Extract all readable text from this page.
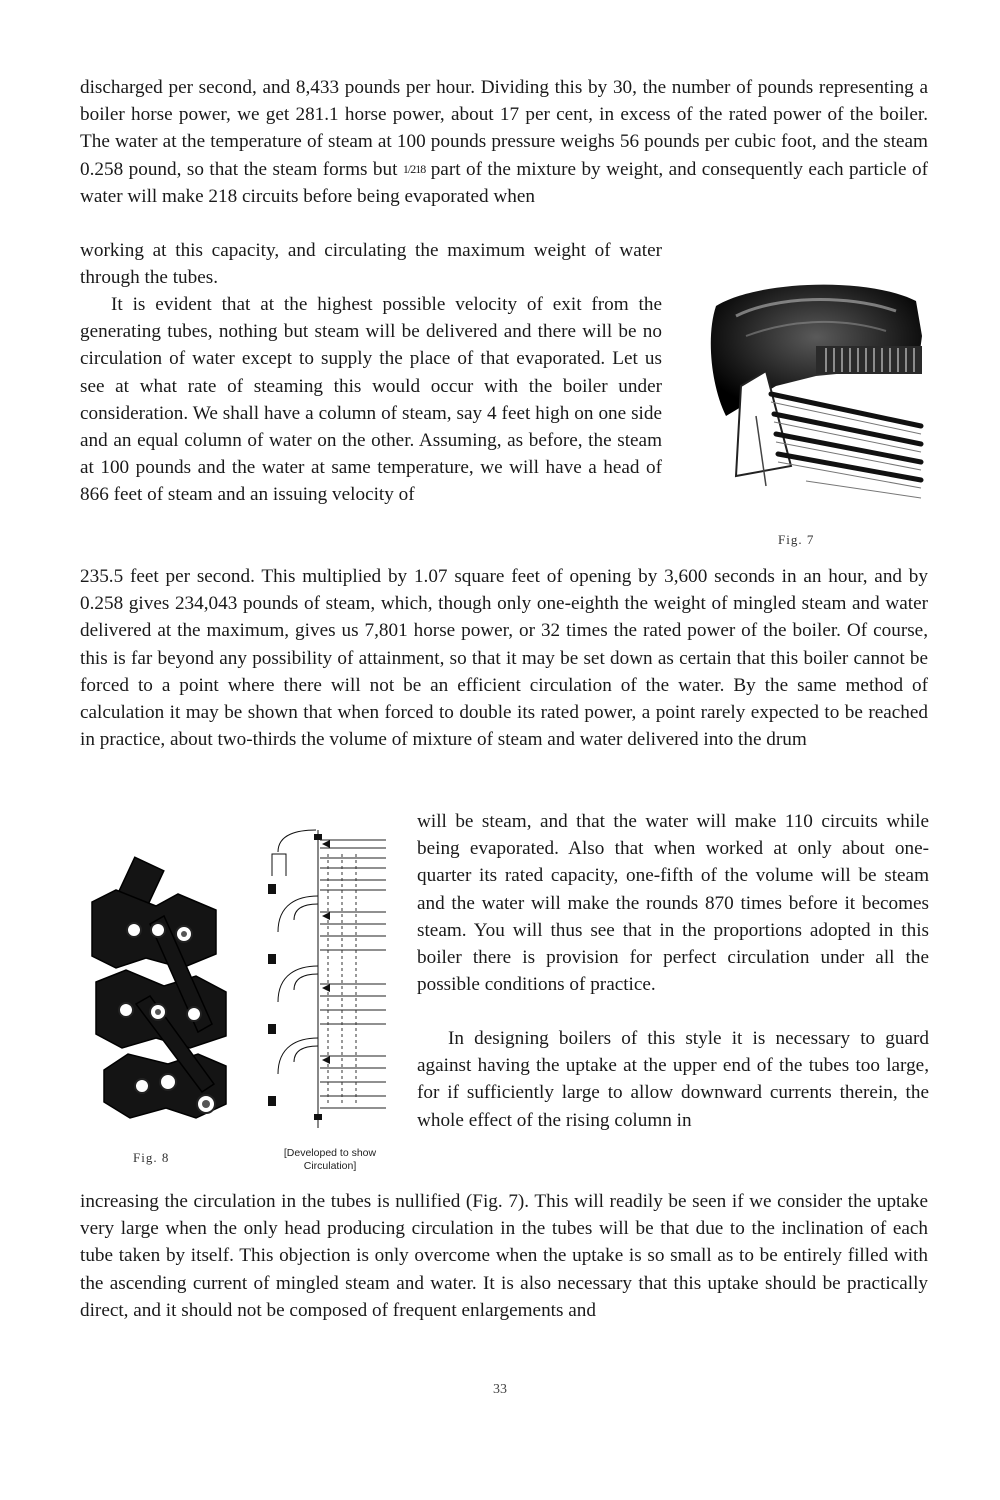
discharged per second, and 8,433 pounds per hour. Dividing this by 30, the number of pounds representing a boiler horse power, we get 281.1 horse power, about 17 per cent, in excess of the rated power of the boiler. The water at the temperature of steam at 100 pounds pressure weighs 56 pounds per cubic foot, and the steam 0.258 pound, so that the steam forms but 1/218 part of the mixture by weight, and consequently each particle of water will make 218 circuits before being evaporated when

working at this capacity, and circulating the maximum weight of water through the tubes.

It is evident that at the highest possible velocity of exit from the generating tubes, nothing but steam will be delivered and there will be no circulation of water except to supply the place of that evaporated. Let us see at what rate of steaming this would occur with the boiler under consideration. We shall have a column of steam, say 4 feet high on one side and an equal column of water on the other. Assuming, as before, the steam at 100 pounds and the water at same temperature, we will have a head of 866 feet of steam and an issuing velocity of

Fig. 7

235.5 feet per second. This multiplied by 1.07 square feet of opening by 3,600 seconds in an hour, and by 0.258 gives 234,043 pounds of steam, which, though only one-eighth the weight of mingled steam and water delivered at the maximum, gives us 7,801 horse power, or 32 times the rated power of the boiler. Of course, this is far beyond any possibility of attainment, so that it may be set down as certain that this boiler cannot be forced to a point where there will not be an efficient circulation of the water. By the same method of calculation it may be shown that when forced to double its rated power, a point rarely expected to be reached in practice, about two-thirds the volume of mixture of steam and water delivered into the drum

Fig. 8	[Developed to show
Circulation]

will be steam, and that the water will make 110 circuits while being evaporated. Also that when worked at only about one-quarter its rated capacity, one-fifth of the volume will be steam and the water will make the rounds 870 times before it becomes steam. You will thus see that in the proportions adopted in this boiler there is provision for perfect circulation under all the possible conditions of practice.

In designing boilers of this style it is necessary to guard against having the uptake at the upper end of the tubes too large, for if sufficiently large to allow downward currents therein, the whole effect of the rising column in

increasing the circulation in the tubes is nullified (Fig. 7). This will readily be seen if we consider the uptake very large when the only head producing circulation in the tubes will be that due to the inclination of each tube taken by itself. This objection is only overcome when the uptake is so small as to be entirely filled with the ascending current of mingled steam and water. It is also necessary that this uptake should be practically direct, and it should not be composed of frequent enlargements and

33
